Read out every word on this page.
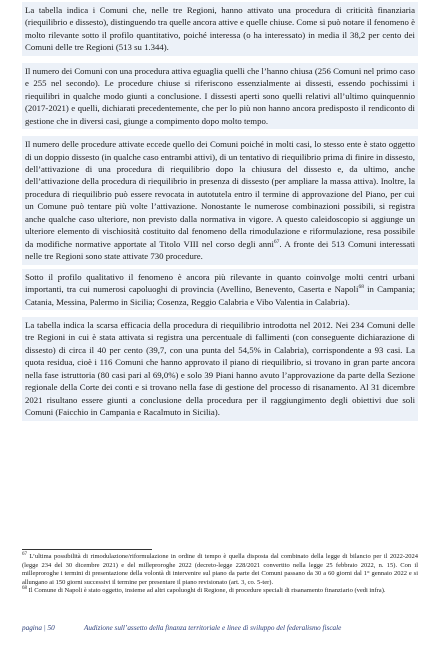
La tabella indica i Comuni che, nelle tre Regioni, hanno attivato una procedura di criticità finanziaria (riequilibrio e dissesto), distinguendo tra quelle ancora attive e quelle chiuse. Come si può notare il fenomeno è molto rilevante sotto il profilo quantitativo, poiché interessa (o ha interessato) in media il 38,2 per cento dei Comuni delle tre Regioni (513 su 1.344).

Il numero dei Comuni con una procedura attiva eguaglia quelli che l’hanno chiusa (256 Comuni nel primo caso e 255 nel secondo). Le procedure chiuse si riferiscono essenzialmente ai dissesti, essendo pochissimi i riequilibri in qualche modo giunti a conclusione. I dissesti aperti sono quelli relativi all’ultimo quinquennio (2017-2021) e quelli, dichiarati precedentemente, che per lo più non hanno ancora predisposto il rendiconto di gestione che in diversi casi, giunge a compimento dopo molto tempo.

Il numero delle procedure attivate eccede quello dei Comuni poiché in molti casi, lo stesso ente è stato oggetto di un doppio dissesto (in qualche caso entrambi attivi), di un tentativo di riequilibrio prima di finire in dissesto, dell’attivazione di una procedura di riequilibrio dopo la chiusura del dissesto e, da ultimo, anche dell’attivazione della procedura di riequilibrio in presenza di dissesto (per ampliare la massa attiva). Inoltre, la procedura di riequilibrio può essere revocata in autotutela entro il termine di approvazione del Piano, per cui un Comune può tentare più volte l’attivazione. Nonostante le numerose combinazioni possibili, si registra anche qualche caso ulteriore, non previsto dalla normativa in vigore. A questo caleidoscopio si aggiunge un ulteriore elemento di vischiosità costituito dal fenomeno della rimodulazione e riformulazione, resa possibile da modifiche normative apportate al Titolo VIII nel corso degli anni$^{67}$. A fronte dei 513 Comuni interessati nelle tre Regioni sono state attivate 730 procedure.

Sotto il profilo qualitativo il fenomeno è ancora più rilevante in quanto coinvolge molti centri urbani importanti, tra cui numerosi capoluoghi di provincia (Avellino, Benevento, Caserta e Napoli$^{68}$ in Campania; Catania, Messina, Palermo in Sicilia; Cosenza, Reggio Calabria e Vibo Valentia in Calabria).

La tabella indica la scarsa efficacia della procedura di riequilibrio introdotta nel 2012. Nei 234 Comuni delle tre Regioni in cui è stata attivata si registra una percentuale di fallimenti (con conseguente dichiarazione di dissesto) di circa il 40 per cento (39,7, con una punta del 54,5% in Calabria), corrispondente a 93 casi. La quota residua, cioè i 116 Comuni che hanno approvato il piano di riequilibrio, si trovano in gran parte ancora nella fase istruttoria (80 casi pari al 69,0%) e solo 39 Piani hanno avuto l’approvazione da parte della Sezione regionale della Corte dei conti e si trovano nella fase di gestione del processo di risanamento. Al 31 dicembre 2021 risultano essere giunti a conclusione della procedura per il raggiungimento degli obiettivi due soli Comuni (Faicchio in Campania e Racalmuto in Sicilia).

$^{67}$ L’ultima possibilità di rimodulazione/riformulazione in ordine di tempo è quella disposta dal combinato della legge di bilancio per il 2022-2024 (legge 234 del 30 dicembre 2021) e del milleproroghe 2022 (decreto-legge 228/2021 convertito nella legge 25 febbraio 2022, n. 15). Con il milleproroghe i termini di presentazione della volontà di intervenire sul piano da parte dei Comuni passano da 30 a 60 giorni dal 1° gennaio 2022 e si allungano ai 150 giorni successivi il termine per presentare il piano revisionato (art. 3, co. 5-ter).

$^{68}$ Il Comune di Napoli è stato oggetto, insieme ad altri capoluoghi di Regione, di procedure speciali di risanamento finanziario (vedi infra).

pagina | 50	Audizione sull’assetto della finanza territoriale e linee di sviluppo del federalismo fiscale
